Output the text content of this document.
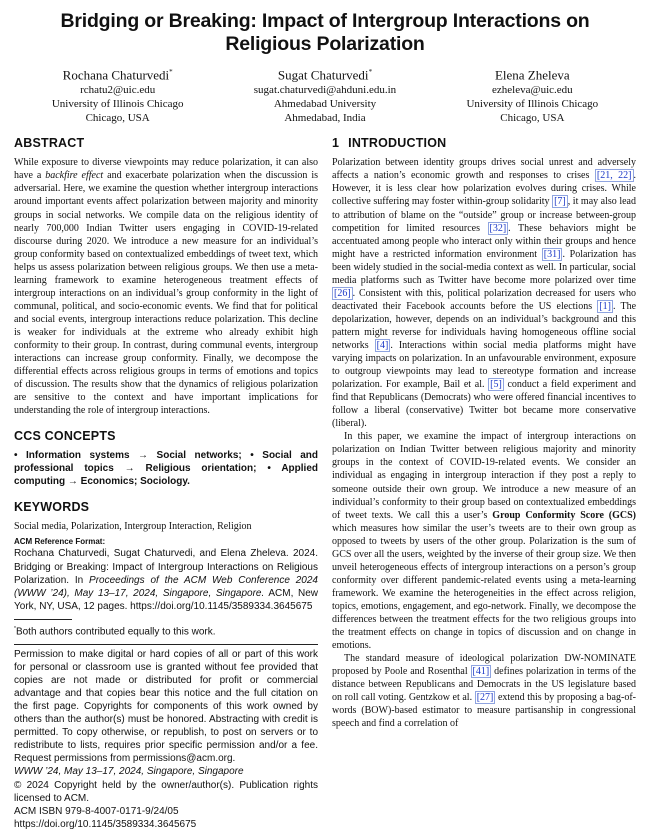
Bridging or Breaking: Impact of Intergroup Interactions on
Religious Polarization
Rochana Chaturvedi*
rchatu2@uic.edu
University of Illinois Chicago
Chicago, USA
Sugat Chaturvedi*
sugat.chaturvedi@ahduni.edu.in
Ahmedabad University
Ahmedabad, India
Elena Zheleva
ezheleva@uic.edu
University of Illinois Chicago
Chicago, USA
ABSTRACT

While exposure to diverse viewpoints may reduce polarization, it can also have a backfire effect and exacerbate polarization when the discussion is adversarial. Here, we examine the question whether intergroup interactions around important events affect polarization between majority and minority groups in social networks. We compile data on the religious identity of nearly 700,000 Indian Twitter users engaging in COVID-19-related discourse during 2020. We introduce a new measure for an individual’s group conformity based on contextualized embeddings of tweet text, which helps us assess polarization between religious groups. We then use a meta-learning framework to examine heterogeneous treatment effects of intergroup interactions on an individual’s group conformity in the light of communal, political, and socio-economic events. We find that for political and social events, intergroup interactions reduce polarization. This decline is weaker for individuals at the extreme who already exhibit high conformity to their group. In contrast, during communal events, intergroup interactions can increase group conformity. Finally, we decompose the differential effects across religious groups in terms of emotions and topics of discussion. The results show that the dynamics of religious polarization are sensitive to the context and have important implications for understanding the role of intergroup interactions.

CCS CONCEPTS

• Information systems → Social networks; • Social and professional topics → Religious orientation; • Applied computing → Economics; Sociology.

KEYWORDS

Social media, Polarization, Intergroup Interaction, Religion

ACM Reference Format:

Rochana Chaturvedi, Sugat Chaturvedi, and Elena Zheleva. 2024. Bridging or Breaking: Impact of Intergroup Interactions on Religious Polarization. In Proceedings of the ACM Web Conference 2024 (WWW ’24), May 13–17, 2024, Singapore, Singapore. ACM, New York, NY, USA, 12 pages. https://doi.org/10.1145/3589334.3645675

*Both authors contributed equally to this work.

Permission to make digital or hard copies of all or part of this work for personal or classroom use is granted without fee provided that copies are not made or distributed for profit or commercial advantage and that copies bear this notice and the full citation on the first page. Copyrights for components of this work owned by others than the author(s) must be honored. Abstracting with credit is permitted. To copy otherwise, or republish, to post on servers or to redistribute to lists, requires prior specific permission and/or a fee. Request permissions from permissions@acm.org.

WWW ’24, May 13–17, 2024, Singapore, Singapore

© 2024 Copyright held by the owner/author(s). Publication rights licensed to ACM.

ACM ISBN 979-8-4007-0171-9/24/05

https://doi.org/10.1145/3589334.3645675

1 INTRODUCTION

Polarization between identity groups drives social unrest and adversely affects a nation’s economic growth and responses to crises [21, 22] . However, it is less clear how polarization evolves during crises. While collective suffering may foster within-group solidarity [7] , it may also lead to attribution of blame on the “outside” group or increase between-group competition for limited resources [32] . These behaviors might be accentuated among people who interact only within their groups and hence might have a restricted information environment [31] . Polarization has been widely studied in the social-media context as well. In particular, social media platforms such as Twitter have become more polarized over time [26] . Consistent with this, political polarization decreased for users who deactivated their Facebook accounts before the US elections [1] . The depolarization, however, depends on an individual’s background and this pattern might reverse for individuals having homogeneous offline social networks [4] . Interactions within social media platforms might have varying impacts on polarization. In an unfavourable environment, exposure to outgroup viewpoints may lead to stereotype formation and increase polarization. For example, Bail et al. [5] conduct a field experiment and find that Republicans (Democrats) who were offered financial incentives to follow a liberal (conservative) Twitter bot became more conservative (liberal).

In this paper, we examine the impact of intergroup interactions on polarization on Indian Twitter between religious majority and minority groups in the context of COVID-19-related events. We consider an individual as engaging in intergroup interaction if they post a reply to someone outside their own group. We introduce a new measure of an individual’s conformity to their group based on contextualized embeddings of tweet texts. We call this a user’s Group Conformity Score (GCS) which measures how similar the user’s tweets are to their own group as opposed to tweets by users of the other group. Polarization is the sum of GCS over all the users, weighted by the inverse of their group size. We then unveil heterogeneous effects of intergroup interactions on a person’s group conformity over different pandemic-related events using a meta-learning framework. We examine the heterogeneities in the effect across religion, topics, emotions, engagement, and ego-network. Finally, we decompose the differences between the treatment effects for the two religious groups into the treatment effects on change in topics of discussion and on change in emotions.

The standard measure of ideological polarization DW-NOMINATE proposed by Poole and Rosenthal [41] defines polarization in terms of the distance between Republicans and Democrats in the US legislature based on roll call voting. Gentzkow et al. [27] extend this by proposing a bag-of-words (BOW)-based estimator to measure partisanship in congressional speech and find a correlation of
